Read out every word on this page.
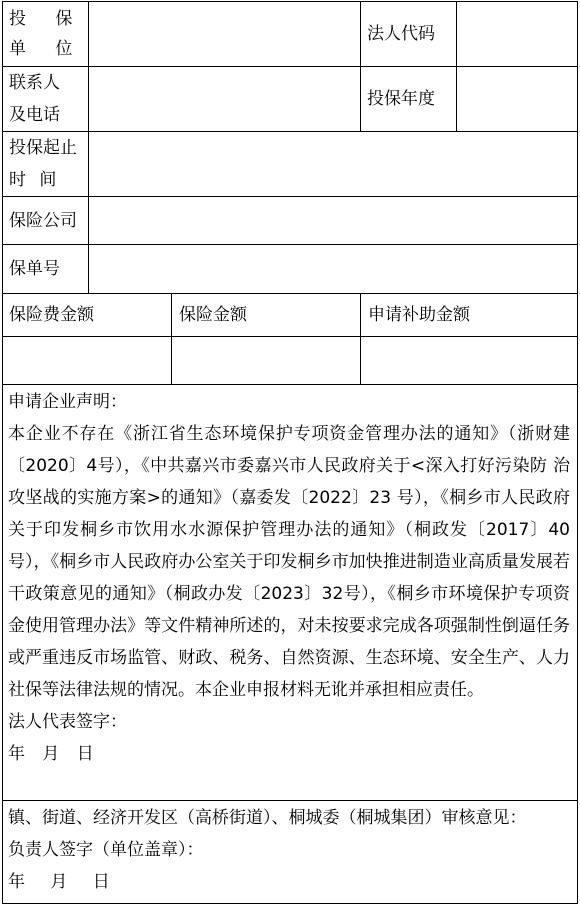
投 保
单 位
法人代码
联系人
及电话
投保年度
投保起止
时 间
保险公司
保单号
保险费金额	保险金额	申请补助金额

申请企业声明：

本企业不存在《浙江省生态环境保护专项资金管理办法的通知》（浙财建〔2020〕4号），《中共嘉兴市委嘉兴市人民政府关于<深入打好污染防 治攻坚战的实施方案>的通知》（嘉委发〔2022〕23 号），《桐乡市人民政府关于印发桐乡市饮用水水源保护管理办法的通知》（桐政发〔2017〕40号），《桐乡市人民政府办公室关于印发桐乡市加快推进制造业高质量发展若干政策意见的通知》（桐政办发〔2023〕32号），《桐乡市环境保护专项资金使用管理办法》等文件精神所述的，对未按要求完成各项强制性倒逼任务或严重违反市场监管、财政、税务、自然资源、生态环境、安全生产、人力社保等法律法规的情况。本企业申报材料无讹并承担相应责任。

法人代表签字：

年 月 日

镇、街道、经济开发区（高桥街道）、桐城委（桐城集团）审核意见：

负责人签字（单位盖章）：

年 月 日
